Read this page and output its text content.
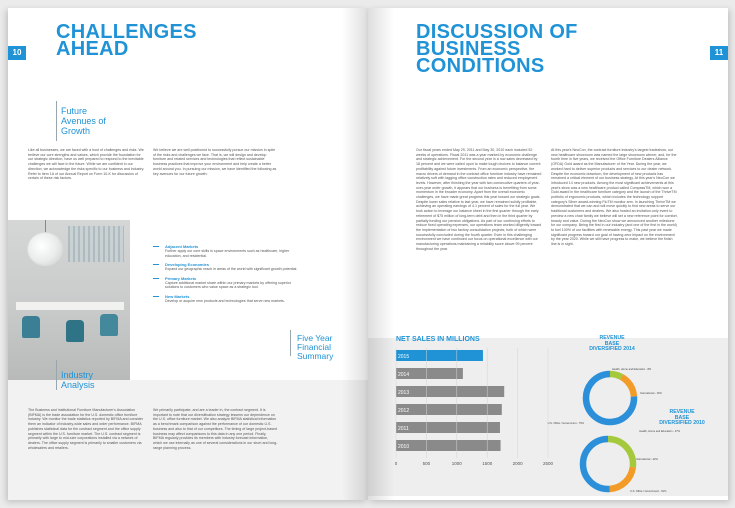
10
CHALLENGES
AHEAD
Future
Avenues of
Growth
Like all businesses, we are faced with a host of challenges and risks. We believe our core strengths and values, which provide the foundation for our strategic direction, have us well prepared to respond to the inevitable challenges we will face in the future. While we are confident in our direction, we acknowledge the risks specific to our business and industry. Refer to Item 1A of our Annual Report on Form 10-K for discussion of certain of these risk factors.
We believe we are well positioned to successfully pursue our mission in spite of the risks and challenges we face. That is, we will design and develop furniture and related services and technologies that reflect sustainable business practices that improve your environment and help create a better world around you. In pursuing our mission, we have identified the following as key avenues for our future growth:
Adjacent Markets
Further apply our core skills in space environments such as healthcare, higher education, and residential.
Developing Economies
Expand our geographic reach in areas of the world with significant growth potential.
Primary Markets
Capture additional market share within our primary markets by offering superior solutions to customers who value space as a strategic tool.
New Markets
Develop or acquire new products and technologies that serve new markets.
Industry
Analysis
The Business and Institutional Furniture Manufacturer's Association (BIFMA) is the trade association for the U.S. domestic office furniture industry. We monitor the trade statistics reported by BIFMA and consider them an indicator of industry-wide sales and order performance. BIFMA publishes statistical data for the contract segment and the office supply segment within the U.S. furniture market. The U.S. contract segment is primarily with large to mid-size corporations installed via a network of dealers. The office supply segment is primarily to smaller customers via wholesalers and retailers.
We primarily participate, and are a leader in, the contract segment. It is important to note that our diversification strategy lessens our dependence on the U.S. office furniture market. We also analyze BIFMA statistical information as a benchmark comparison against the performance of our domestic U.S. business and also to that of our competitors. The timing of large project-based business may affect comparisons to this data in any one period. Finally, BIFMA regularly provides its members with industry forecast information, which we use internally as one of several considerations in our short and long-range planning process.
11
DISCUSSION OF
BUSINESS
CONDITIONS
Our fiscal years ended May 29, 2011 and May 30, 2010 each included 52 weeks of operations. Fiscal 2011 was a year marked by economic challenge and strategic achievement. For the second year in a row sales decreased by 18 percent and we were called upon to make tough choices to balance current profitability against future investments. From an economic perspective, the macro drivers of demand in the contract office furniture industry have remained relatively soft with lagging office construction rates and reduced employment levels. However, after finishing the year with two consecutive quarters of year-over-year order growth, it appears that our business is benefiting from some momentum in the broader economy. Apart from the overall economic challenges, we have made great progress this year toward our strategic goals. Despite lower sales relative to last year, we have remained solidly profitable, achieving an operating earnings of 4.1 percent of sales for the full year. We took action to leverage our balance sheet in the first quarter through the early retirement of $75 million of long-term debt and then in the third quarter by partially funding our pension obligations. As part of our continuing efforts to reduce fixed operating expenses, our operations team worked diligently toward the implementation of two factory consolidation projects, both of which were successfully concluded during the fourth quarter. Even in this challenging environment we have continued our focus on operational excellence with our manufacturing operations maintaining a reliability score above 99 percent throughout the year.
At this year's NeoCon, the contract furniture industry's largest tradeshow, our new healthcare showroom was named the large showroom winner, and, for the fourth time in five years, we received the Office Furniture Dealers Alliance (OFDA) Gold award as the Manufacturer of the Year. During the year, we worked hard to deliver superior products and services to our dealer network. Despite the economic downturn, the development of new products has remained a critical element of our business strategy. At this year's NeoCon we introduced 14 new products. Among the most significant achievements at this year's show was a new healthcare product called CompassTM, which won a Gold award in the healthcare furniture category and the launch of the ThriveTM portfolio of ergonomic products, which includes the technology support category's Silver award-winning FluTM monitor arm. In launching ThriveTM we demonstrated that we can and will move quickly to find new areas to serve our traditional customers and dealers. We also hosted an invitation-only event to preview a new chair family we believe will set a new reference point for comfort, beauty and value. During the NeoCon show we announced another milestone for our company. Being the first in our industry (and one of the first in the world) to fuel 100% of our facilities with renewable energy. This past year we made significant progress toward our goal of having zero impact on the environment by the year 2020. While we still have progress to make, we believe the finish line is in sight.
Five Year
Financial
Summary
NET SALES IN MILLIONS
2015
2014
2013
2012
2011
2010
0	500	1000	1500	2000	2500
REVENUE
BASE
DIVERSIFIED 2014
Health, Home and Education - 8%
International - 16%
U.S. Office / Government - 76%
REVENUE
BASE
DIVERSIFIED 2010
Health, Home and Education - 27%
International - 22%
U.S. Office / Government - 51%
